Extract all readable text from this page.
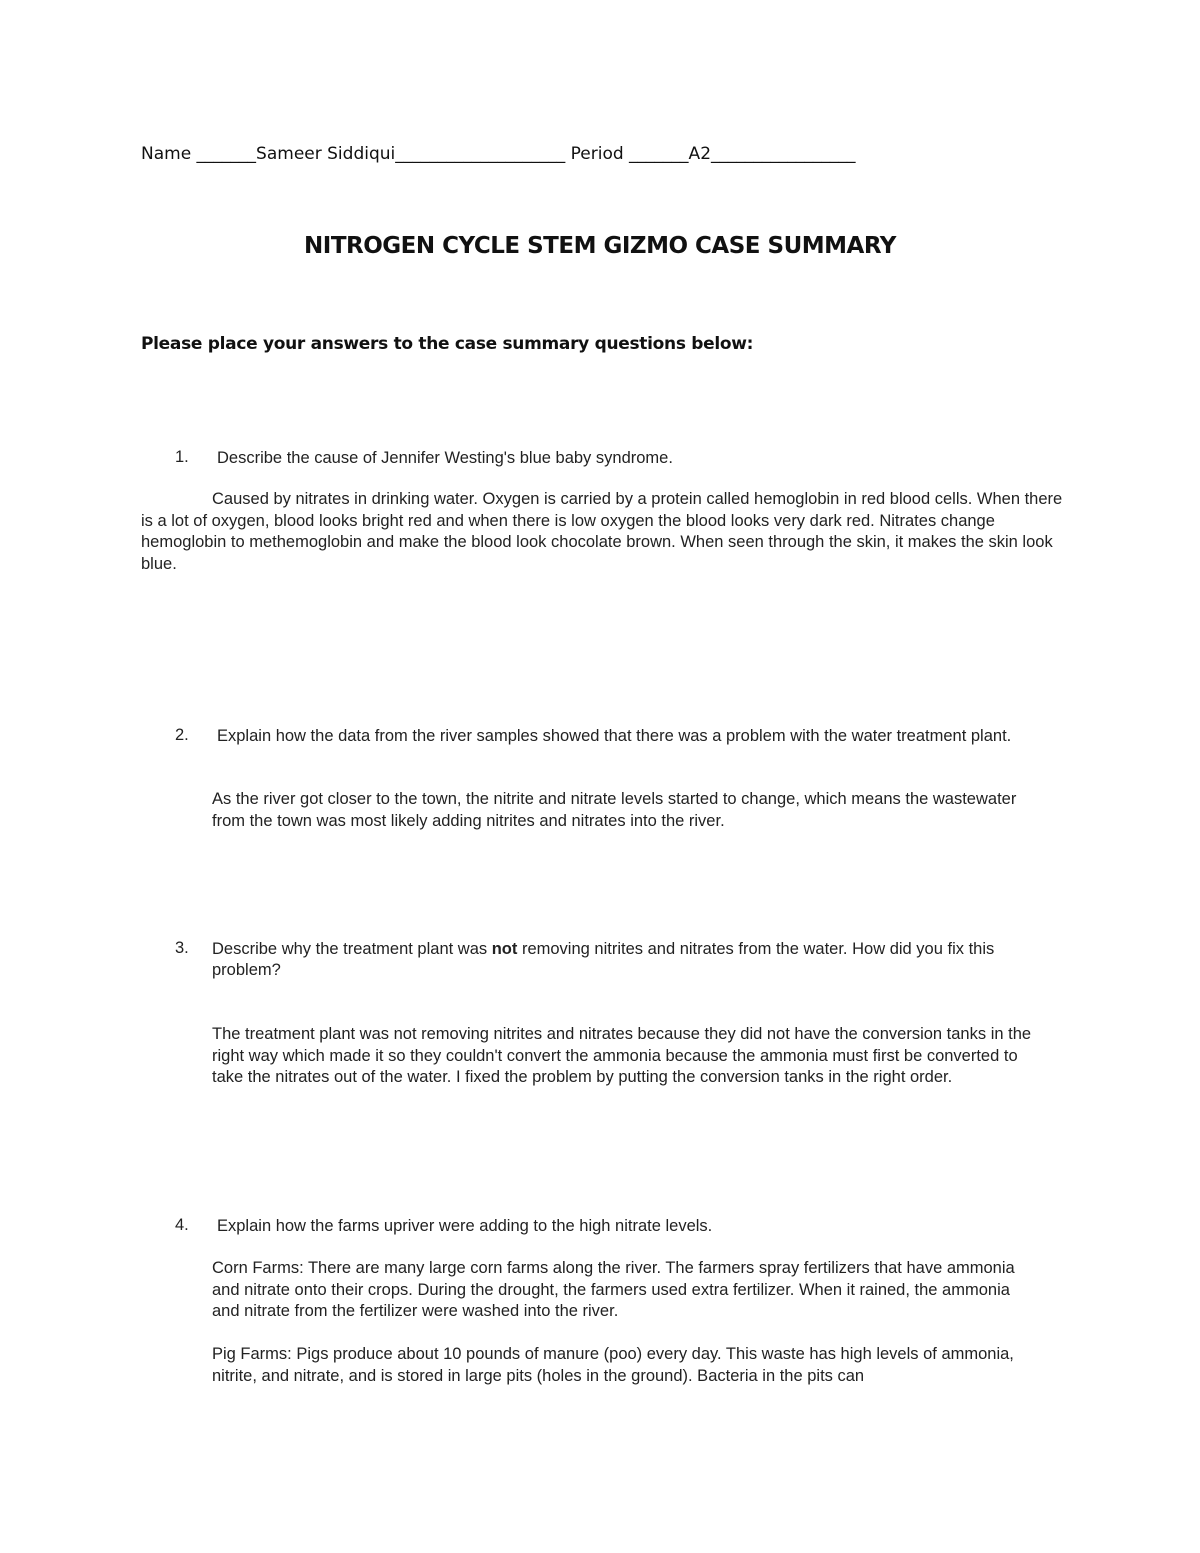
Name _______Sameer Siddiqui____________________ Period _______A2_________________
NITROGEN CYCLE STEM GIZMO CASE SUMMARY
Please place your answers to the case summary questions below:
1. Describe the cause of Jennifer Westing's blue baby syndrome.
Caused by nitrates in drinking water. Oxygen is carried by a protein called hemoglobin in red blood cells. When there is a lot of oxygen, blood looks bright red and when there is low oxygen the blood looks very dark red. Nitrates change hemoglobin to methemoglobin and make the blood look chocolate brown. When seen through the skin, it makes the skin look blue.
2.	Explain how the data from the river samples showed that there was a problem with the water treatment plant.
As the river got closer to the town, the nitrite and nitrate levels started to change, which means the wastewater from the town was most likely adding nitrites and nitrates into the river.
3. Describe why the treatment plant was not removing nitrites and nitrates from the water. How did you fix this problem?
The treatment plant was not removing nitrites and nitrates because they did not have the conversion tanks in the right way which made it so they couldn't convert the ammonia because the ammonia must first be converted to take the nitrates out of the water. I fixed the problem by putting the conversion tanks in the right order.
4. Explain how the farms upriver were adding to the high nitrate levels.
Corn Farms: There are many large corn farms along the river. The farmers spray fertilizers that have ammonia and nitrate onto their crops. During the drought, the farmers used extra fertilizer. When it rained, the ammonia and nitrate from the fertilizer were washed into the river.
Pig Farms: Pigs produce about 10 pounds of manure (poo) every day. This waste has high levels of ammonia, nitrite, and nitrate, and is stored in large pits (holes in the ground). Bacteria in the pits can
